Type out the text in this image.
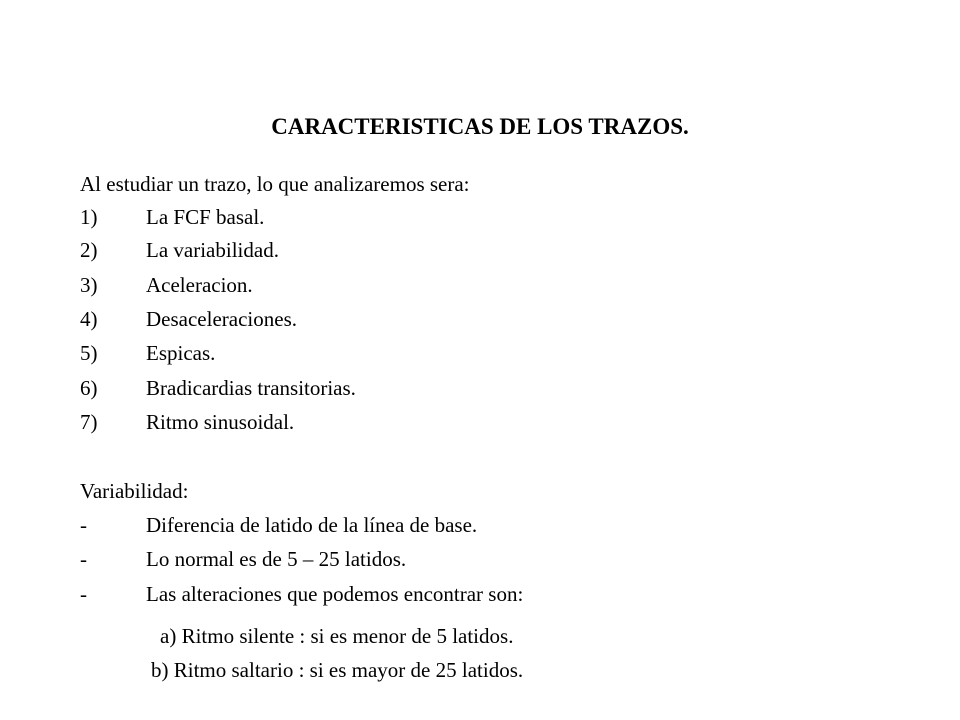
CARACTERISTICAS DE LOS TRAZOS.
Al estudiar un trazo, lo que analizaremos sera:
1) La FCF basal.
2) La variabilidad.
3) Aceleracion.
4) Desaceleraciones.
5) Espicas.
6) Bradicardias transitorias.
7) Ritmo sinusoidal.
Variabilidad:
-	Diferencia de latido de la línea de base.
-	Lo normal es de 5 – 25 latidos.
-	Las alteraciones que podemos encontrar son:
a) Ritmo silente : si es menor de 5 latidos.
b) Ritmo saltario : si es mayor de 25 latidos.
